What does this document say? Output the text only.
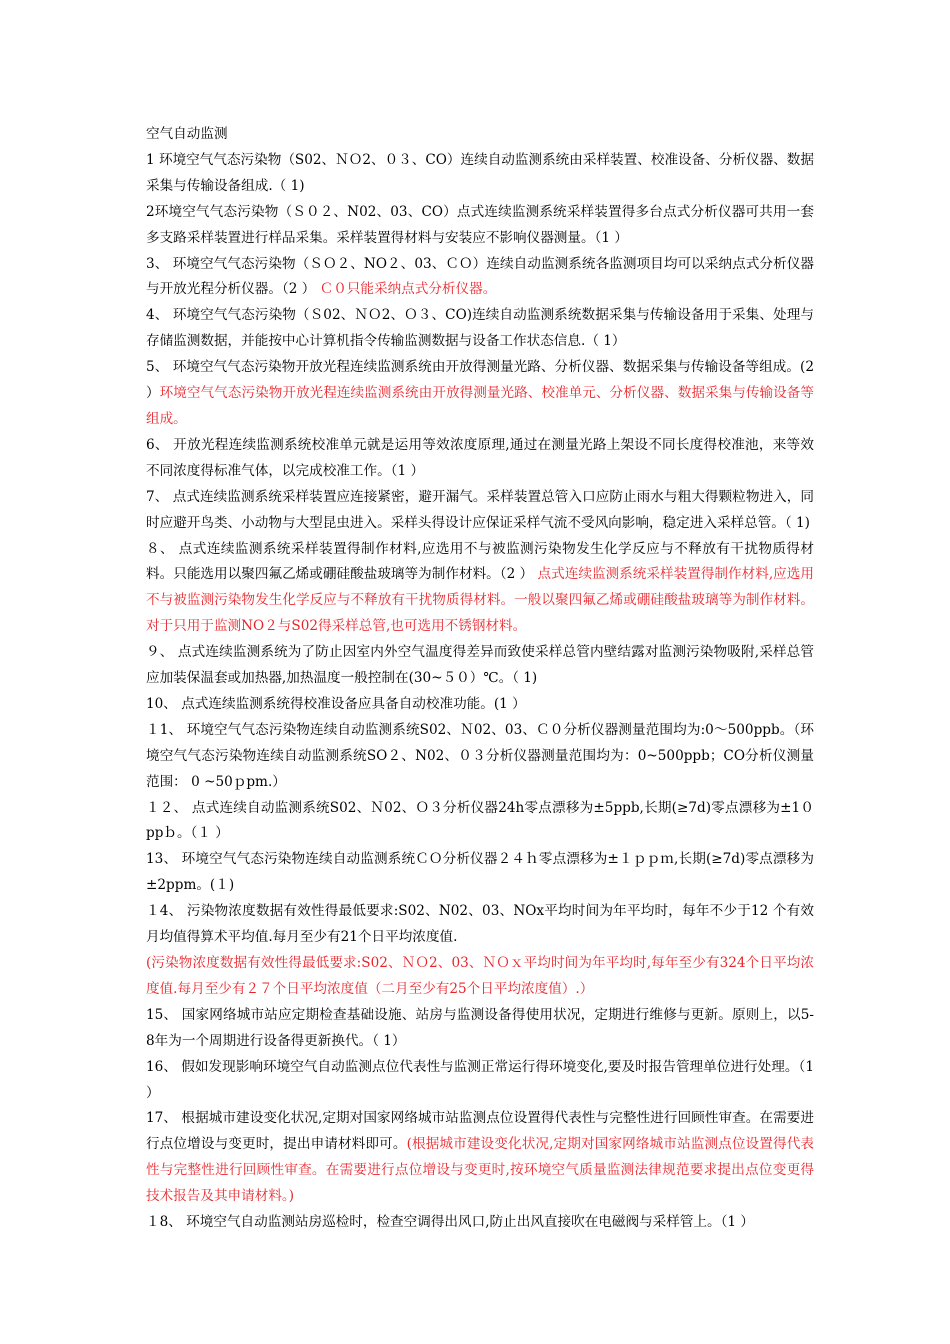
空气自动监测

1 环境空气气态污染物（S02、ＮＯ2、０３、CO）连续自动监测系统由采样装置、校准设备、分析仪器、数据采集与传输设备组成.（ 1)

2环境空气气态污染物（Ｓ０２、N02、03、CO）点式连续监测系统采样装置得多台点式分析仪器可共用一套多支路采样装置进行样品采集。采样装置得材料与安装应不影响仪器测量。（1 ）

3、 环境空气气态污染物（ＳＯ２、NO２、03、ＣＯ）连续自动监测系统各监测项目均可以采纳点式分析仪器与开放光程分析仪器。（2 ） Ｃ０只能采纳点式分析仪器。

4、 环境空气气态污染物（Ｓ02、ＮＯ2、Ｏ３、CO)连续自动监测系统数据采集与传输设备用于采集、处理与存储监测数据，并能按中心计算机指令传输监测数据与设备工作状态信息.（ 1）

5、 环境空气气态污染物开放光程连续监测系统由开放得测量光路、分析仪器、数据采集与传输设备等组成。(2 ）环境空气气态污染物开放光程连续监测系统由开放得测量光路、校准单元、分析仪器、数据采集与传输设备等组成。

6、 开放光程连续监测系统校准单元就是运用等效浓度原理,通过在测量光路上架设不同长度得校准池，来等效不同浓度得标准气体，以完成校准工作。（1 ）

7、 点式连续监测系统采样装置应连接紧密，避开漏气。采样装置总管入口应防止雨水与粗大得颗粒物进入，同时应避开鸟类、小动物与大型昆虫进入。采样头得设计应保证采样气流不受风向影响，稳定进入采样总管。（ 1)

８、 点式连续监测系统采样装置得制作材料,应选用不与被监测污染物发生化学反应与不释放有干扰物质得材料。只能选用以聚四氟乙烯或硼硅酸盐玻璃等为制作材料。（2 ） 点式连续监测系统采样装置得制作材料,应选用不与被监测污染物发生化学反应与不释放有干扰物质得材料。一般以聚四氟乙烯或硼硅酸盐玻璃等为制作材料。对于只用于监测NO２与S02得采样总管,也可选用不锈钢材料。

９、 点式连续监测系统为了防止因室内外空气温度得差异而致使采样总管内壁结露对监测污染物吸附,采样总管应加装保温套或加热器,加热温度一般控制在(30~５０）℃。（ 1)

10、 点式连续监测系统得校准设备应具备自动校准功能。(1 ）

１1、 环境空气气态污染物连续自动监测系统S02、Ｎ02、03、Ｃ０分析仪器测量范围均为:0～500ppb。（环境空气气态污染物连续自动监测系统SO２、N02、０３分析仪器测量范围均为：0~500ppb；CO分析仪测量范围： 0 ~50ｐpm.）

１２、 点式连续自动监测系统S02、Ｎ02、Ｏ３分析仪器24h零点漂移为±5ppb,长期(≥7d)零点漂移为±1０ppｂ。（１ ）

13、 环境空气气态污染物连续自动监测系统ＣＯ分析仪器２４ｈ零点漂移为±１ｐｐｍ,长期(≥7d)零点漂移为±2ppm。(１)

１4、 污染物浓度数据有效性得最低要求:S02、N02、03、NOx平均时间为年平均时，每年不少于12 个有效月均值得算术平均值.每月至少有21个日平均浓度值.

(污染物浓度数据有效性得最低要求:S02、ＮＯ2、03、ＮＯｘ平均时间为年平均时,每年至少有324个日平均浓度值.每月至少有２７个日平均浓度值（二月至少有25个日平均浓度值）.）

15、 国家网络城市站应定期检查基础设施、站房与监测设备得使用状况，定期进行维修与更新。原则上，以5-8年为一个周期进行设备得更新换代。（ 1）

16、 假如发现影响环境空气自动监测点位代表性与监测正常运行得环境变化,要及时报告管理单位进行处理。（1 ）

17、 根据城市建设变化状况,定期对国家网络城市站监测点位设置得代表性与完整性进行回顾性审查。在需要进行点位增设与变更时，提出申请材料即可。(根据城市建设变化状况,定期对国家网络城市站监测点位设置得代表性与完整性进行回顾性审查。在需要进行点位增设与变更时,按环境空气质量监测法律规范要求提出点位变更得技术报告及其申请材料。)

１8、 环境空气自动监测站房巡检时，检查空调得出风口,防止出风直接吹在电磁阀与采样管上。（1 ）
